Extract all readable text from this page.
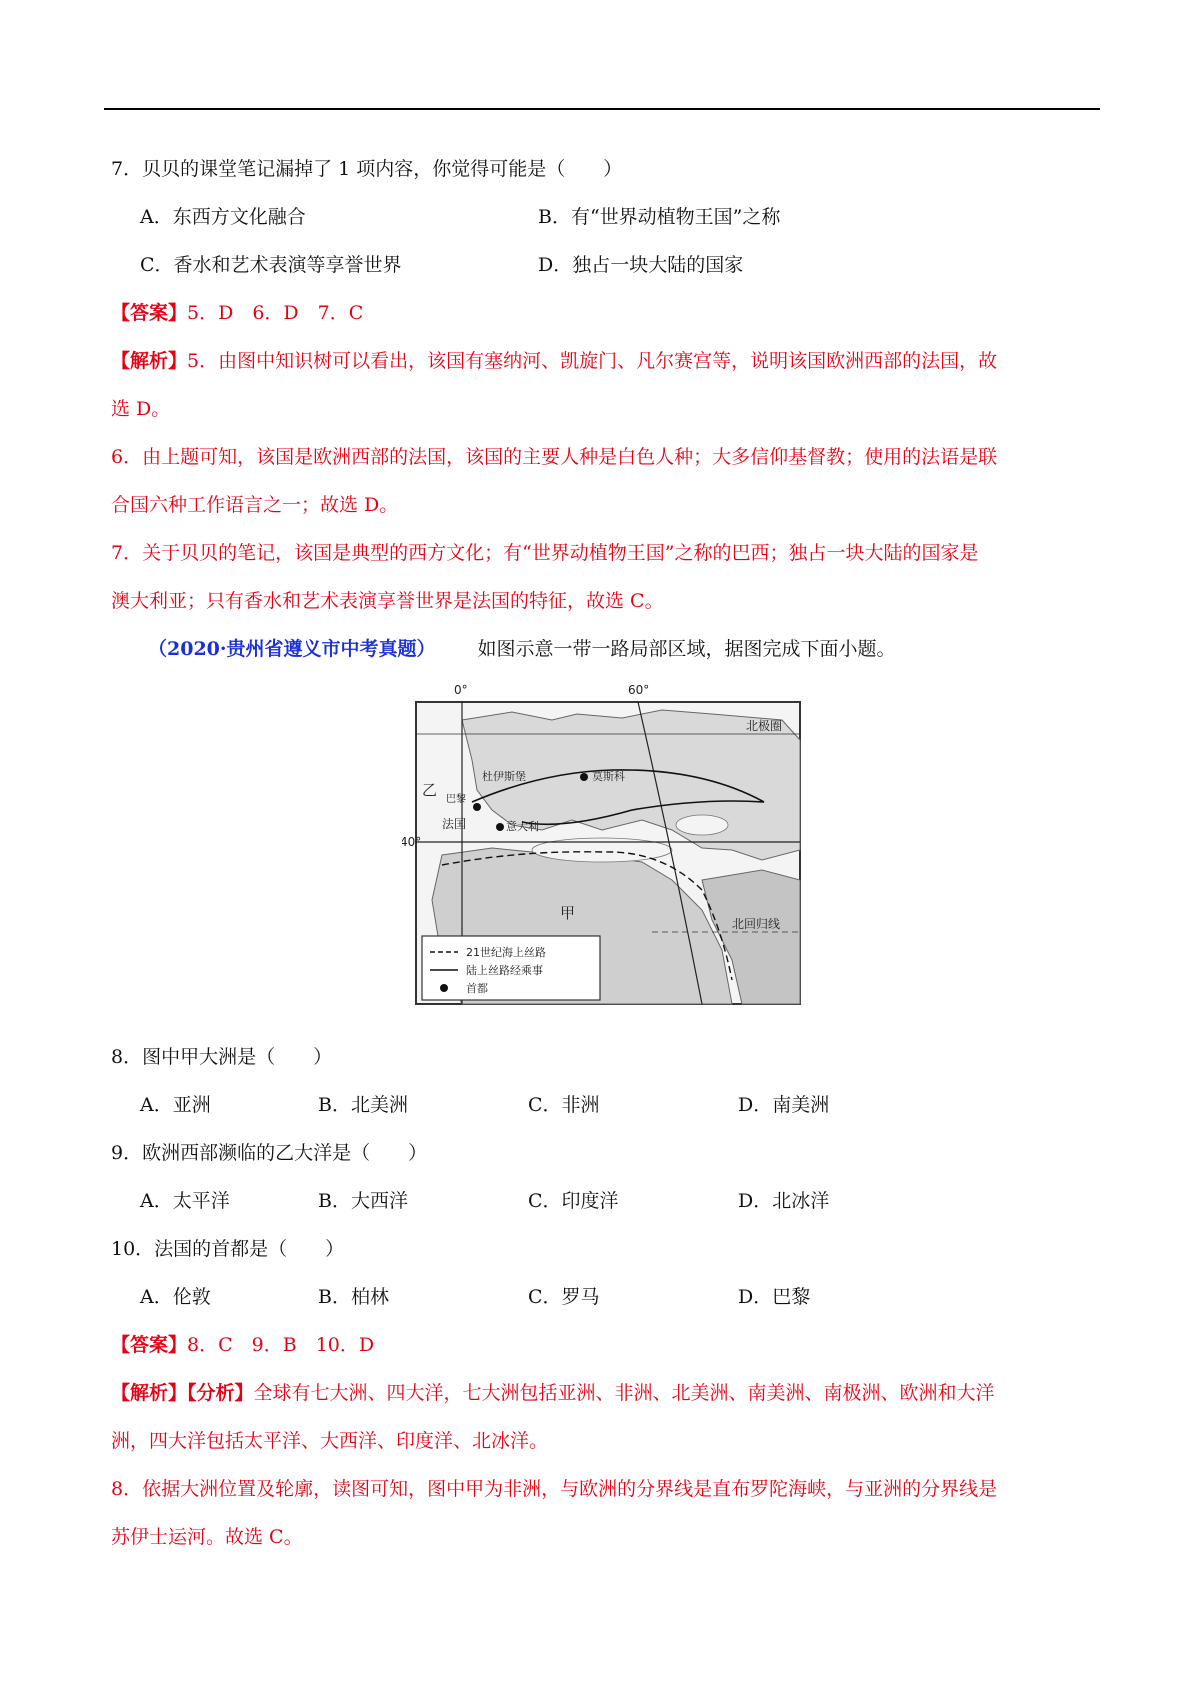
7．贝贝的课堂笔记漏掉了 1 项内容，你觉得可能是（　　）
A．东西方文化融合	B．有“世界动植物王国”之称
C．香水和艺术表演等享誉世界	D．独占一块大陆的国家
【答案】5．D　6．D　7．C
【解析】5．由图中知识树可以看出，该国有塞纳河、凯旋门、凡尔赛宫等，说明该国欧洲西部的法国，故
选 D。
6．由上题可知，该国是欧洲西部的法国，该国的主要人种是白色人种；大多信仰基督教；使用的法语是联
合国六种工作语言之一；故选 D。
7．关于贝贝的笔记，该国是典型的西方文化；有“世界动植物王国”之称的巴西；独占一块大陆的国家是
澳大利亚；只有香水和艺术表演享誉世界是法国的特征，故选 C。
（2020·贵州省遵义市中考真题） 如图示意一带一路局部区域，据图完成下面小题。
0°	60°
40°
北极圈
北回归线
乙
甲
法国
巴黎
杜伊斯堡	莫斯科
意大利
21世纪海上丝路
陆上丝路经乘事
首都
8．图中甲大洲是（　　）
A．亚洲	B．北美洲	C．非洲	D．南美洲
9．欧洲西部濒临的乙大洋是（　　）
A．太平洋	B．大西洋	C．印度洋	D．北冰洋
10．法国的首都是（　　）
A．伦敦	B．柏林	C．罗马	D．巴黎
【答案】8．C　9．B　10．D
【解析】【分析】全球有七大洲、四大洋，七大洲包括亚洲、非洲、北美洲、南美洲、南极洲、欧洲和大洋
洲，四大洋包括太平洋、大西洋、印度洋、北冰洋。
8．依据大洲位置及轮廓，读图可知，图中甲为非洲，与欧洲的分界线是直布罗陀海峡，与亚洲的分界线是
苏伊士运河。故选 C。
